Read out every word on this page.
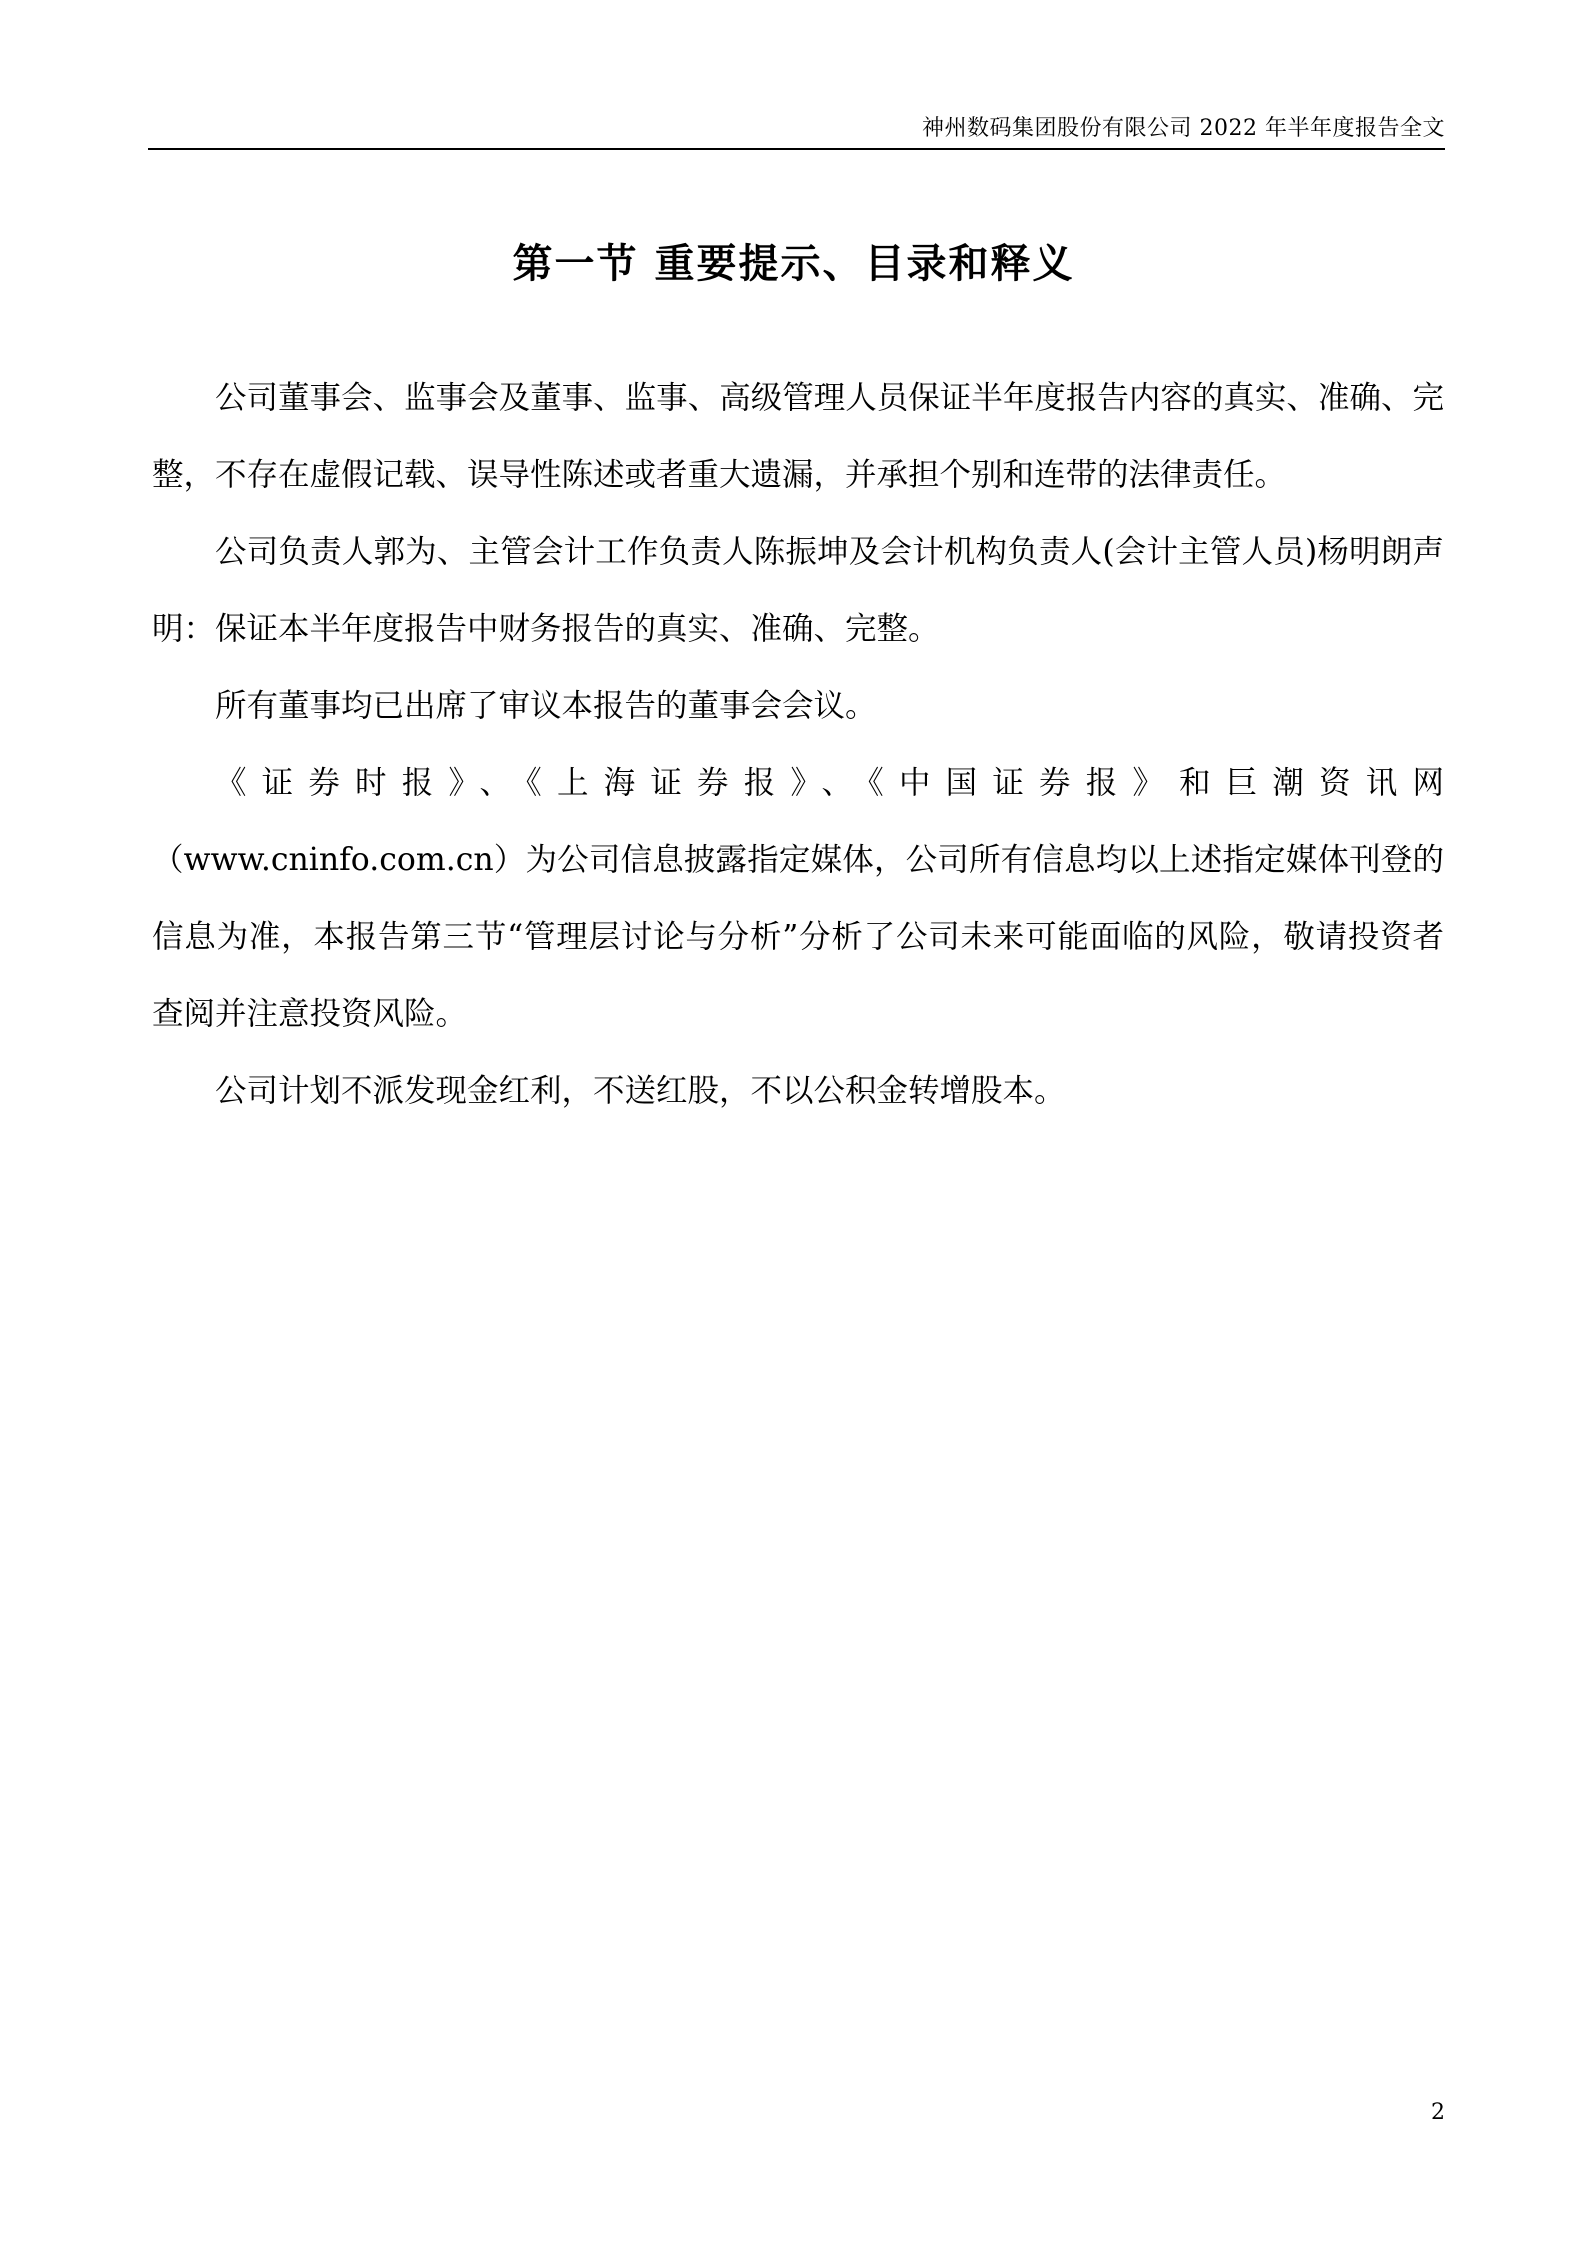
神州数码集团股份有限公司 2022 年半年度报告全文
第一节 重要提示、目录和释义

公司董事会、监事会及董事、监事、高级管理人员保证半年度报告内容的真实、准确、完整，不存在虚假记载、误导性陈述或者重大遗漏，并承担个别和连带的法律责任。

公司负责人郭为、主管会计工作负责人陈振坤及会计机构负责人(会计主管人员)杨明朗声明：保证本半年度报告中财务报告的真实、准确、完整。

所有董事均已出席了审议本报告的董事会会议。

《证券时报》、《上海证券报》、《中国证券报》和巨潮资讯网
（www.cninfo.com.cn）为公司信息披露指定媒体，公司所有信息均以上述指定媒体刊登的信息为准，本报告第三节“管理层讨论与分析”分析了公司未来可能面临的风险，敬请投资者查阅并注意投资风险。

公司计划不派发现金红利，不送红股，不以公积金转增股本。

2
